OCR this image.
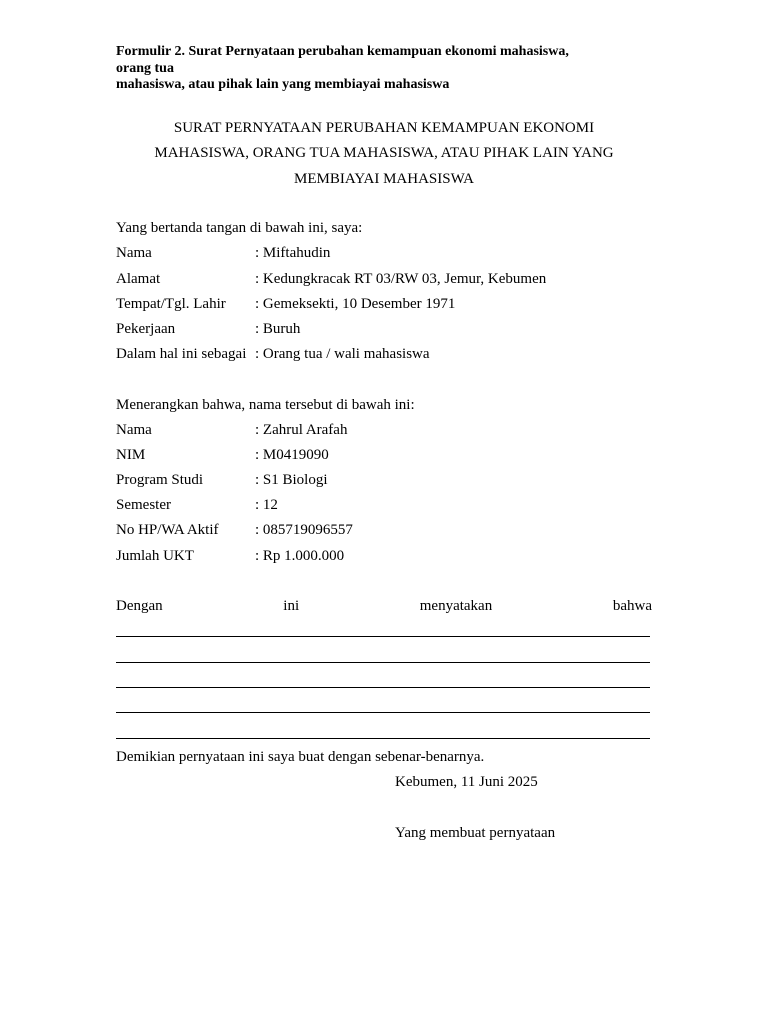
Formulir 2. Surat Pernyataan perubahan kemampuan ekonomi mahasiswa,
orang tua
mahasiswa, atau pihak lain yang membiayai mahasiswa
SURAT PERNYATAAN PERUBAHAN KEMAMPUAN EKONOMI
MAHASISWA, ORANG TUA MAHASISWA, ATAU PIHAK LAIN YANG
MEMBIAYAI MAHASISWA
Yang bertanda tangan di bawah ini, saya:
Nama	: Miftahudin
Alamat	: Kedungkracak RT 03/RW 03, Jemur, Kebumen
Tempat/Tgl. Lahir : Gemeksekti, 10 Desember 1971
Pekerjaan	: Buruh
Dalam hal ini sebagai : Orang tua / wali mahasiswa
Menerangkan bahwa, nama tersebut di bawah ini:
Nama	: Zahrul Arafah
NIM	: M0419090
Program Studi	: S1 Biologi
Semester	: 12
No HP/WA Aktif : 085719096557
Jumlah UKT	: Rp 1.000.000
Dengan	ini	menyatakan	bahwa
Demikian pernyataan ini saya buat dengan sebenar-benarnya.
Kebumen, 11 Juni 2025
Yang membuat pernyataan
